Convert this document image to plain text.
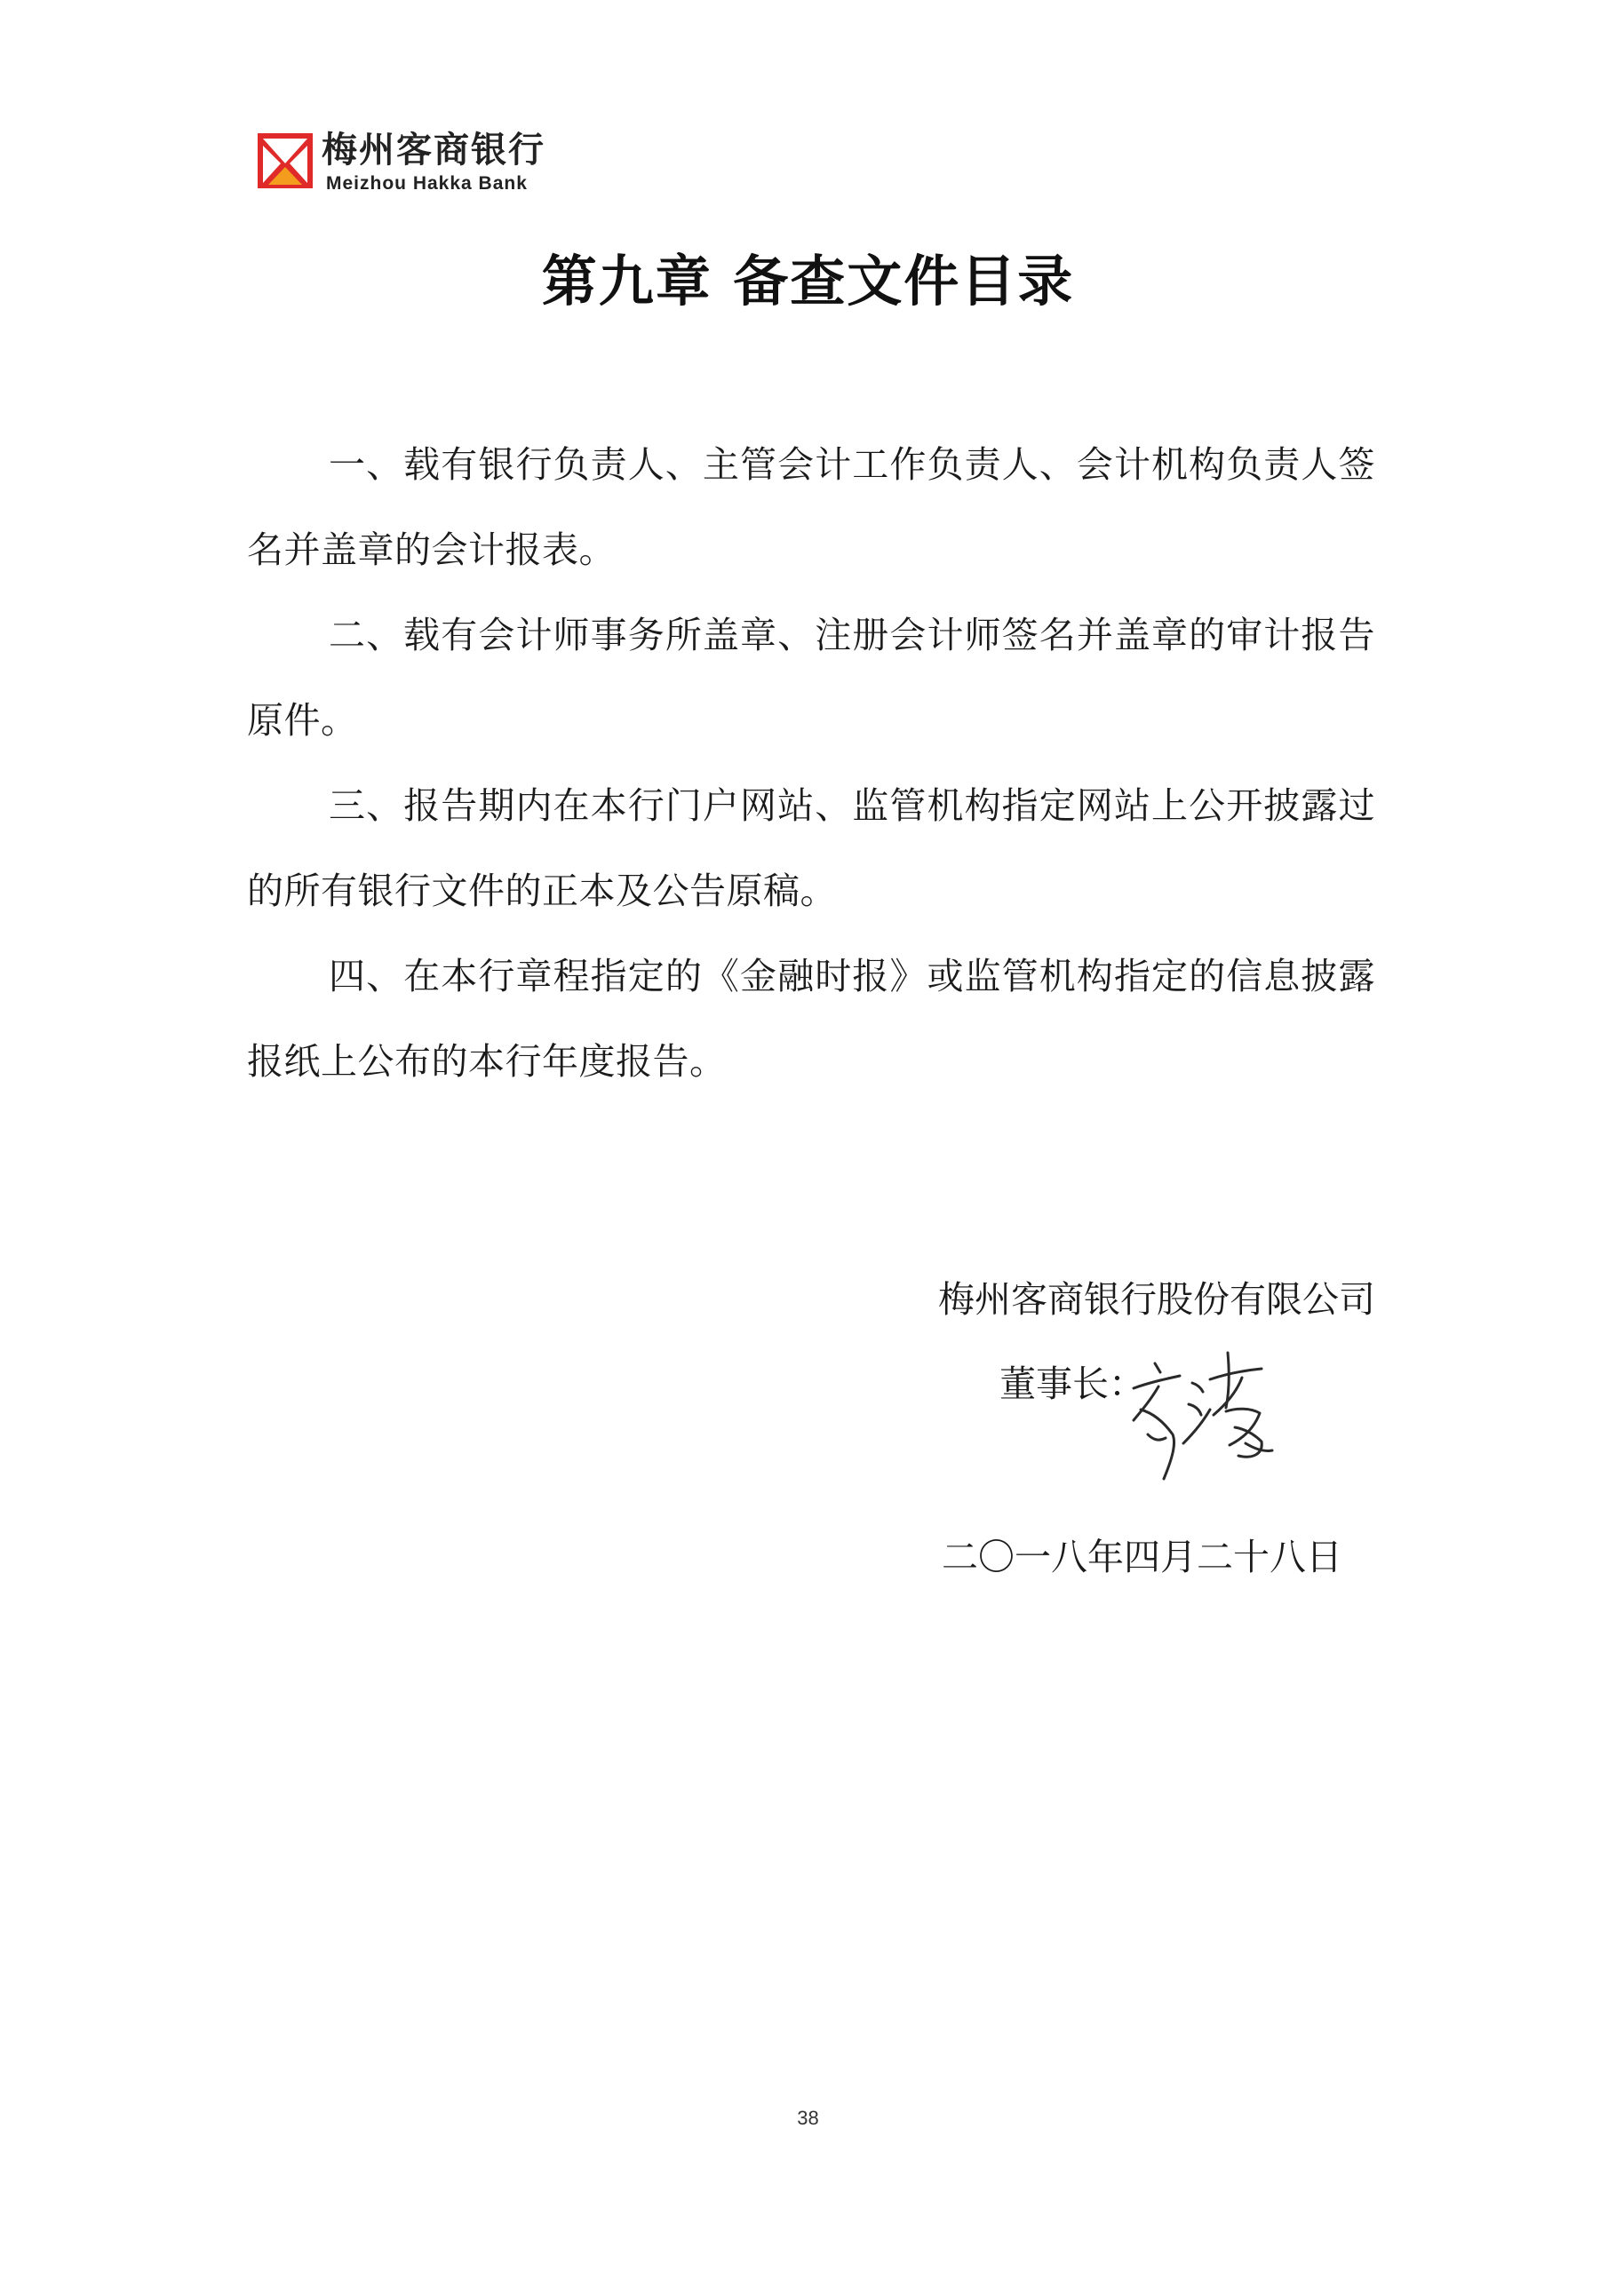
梅州客商银行
Meizhou Hakka Bank
第九章 备查文件目录

一、载有银行负责人、主管会计工作负责人、会计机构负责人签名并盖章的会计报表。

二、载有会计师事务所盖章、注册会计师签名并盖章的审计报告原件。

三、报告期内在本行门户网站、监管机构指定网站上公开披露过的所有银行文件的正本及公告原稿。

四、在本行章程指定的《金融时报》或监管机构指定的信息披露报纸上公布的本行年度报告。

梅州客商银行股份有限公司
董事长：
二〇一八年四月二十八日
38
